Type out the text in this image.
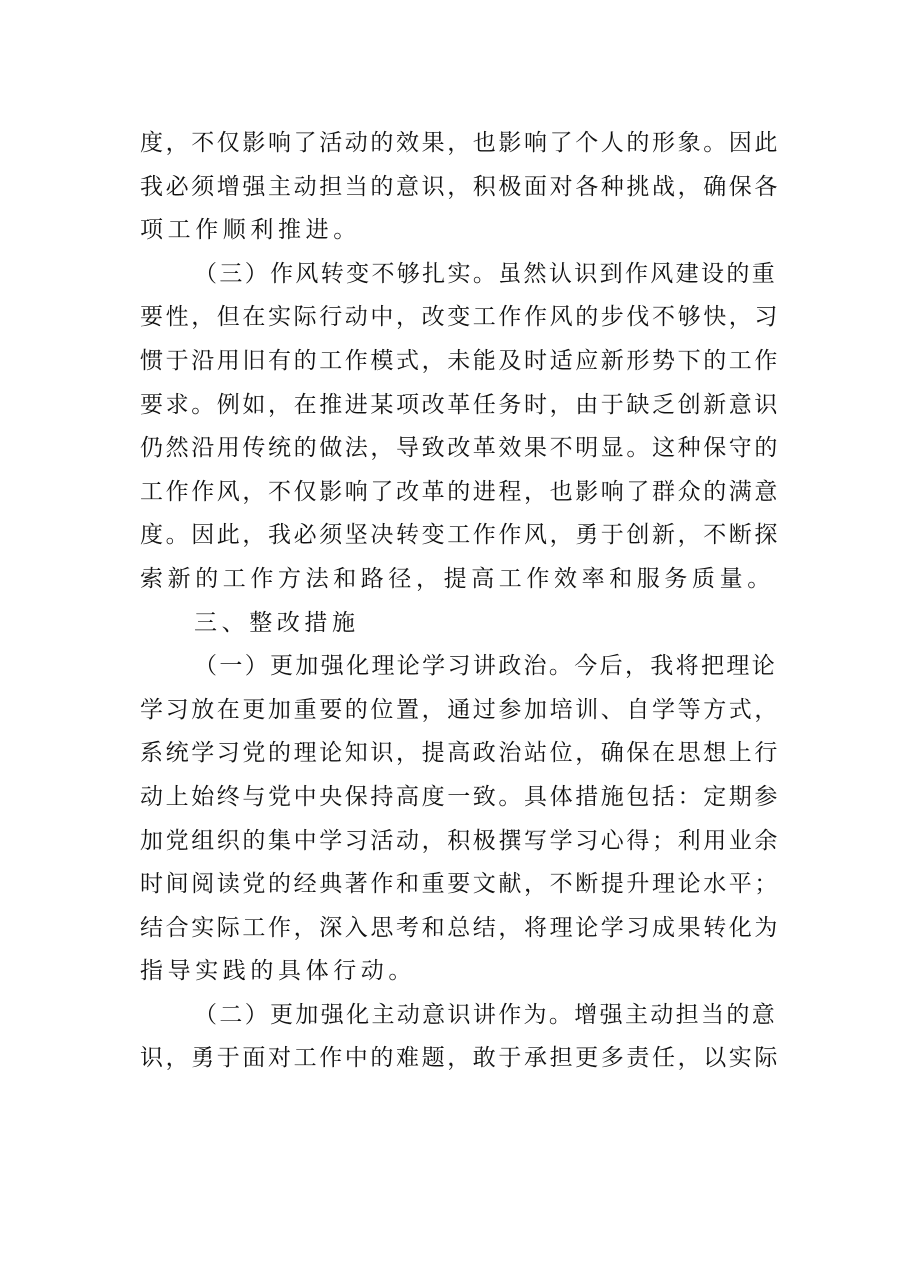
度，不仅影响了活动的效果，也影响了个人的形象。因此
我必须增强主动担当的意识，积极面对各种挑战，确保各
项工作顺利推进。
（三）作风转变不够扎实。虽然认识到作风建设的重
要性，但在实际行动中，改变工作作风的步伐不够快，习
惯于沿用旧有的工作模式，未能及时适应新形势下的工作
要求。例如，在推进某项改革任务时，由于缺乏创新意识
仍然沿用传统的做法，导致改革效果不明显。这种保守的
工作作风，不仅影响了改革的进程，也影响了群众的满意
度。因此，我必须坚决转变工作作风，勇于创新，不断探
索新的工作方法和路径，提高工作效率和服务质量。
三、整改措施
（一）更加强化理论学习讲政治。今后，我将把理论
学习放在更加重要的位置，通过参加培训、自学等方式，
系统学习党的理论知识，提高政治站位，确保在思想上行
动上始终与党中央保持高度一致。具体措施包括：定期参
加党组织的集中学习活动，积极撰写学习心得；利用业余
时间阅读党的经典著作和重要文献，不断提升理论水平；
结合实际工作，深入思考和总结，将理论学习成果转化为
指导实践的具体行动。
（二）更加强化主动意识讲作为。增强主动担当的意
识，勇于面对工作中的难题，敢于承担更多责任，以实际
